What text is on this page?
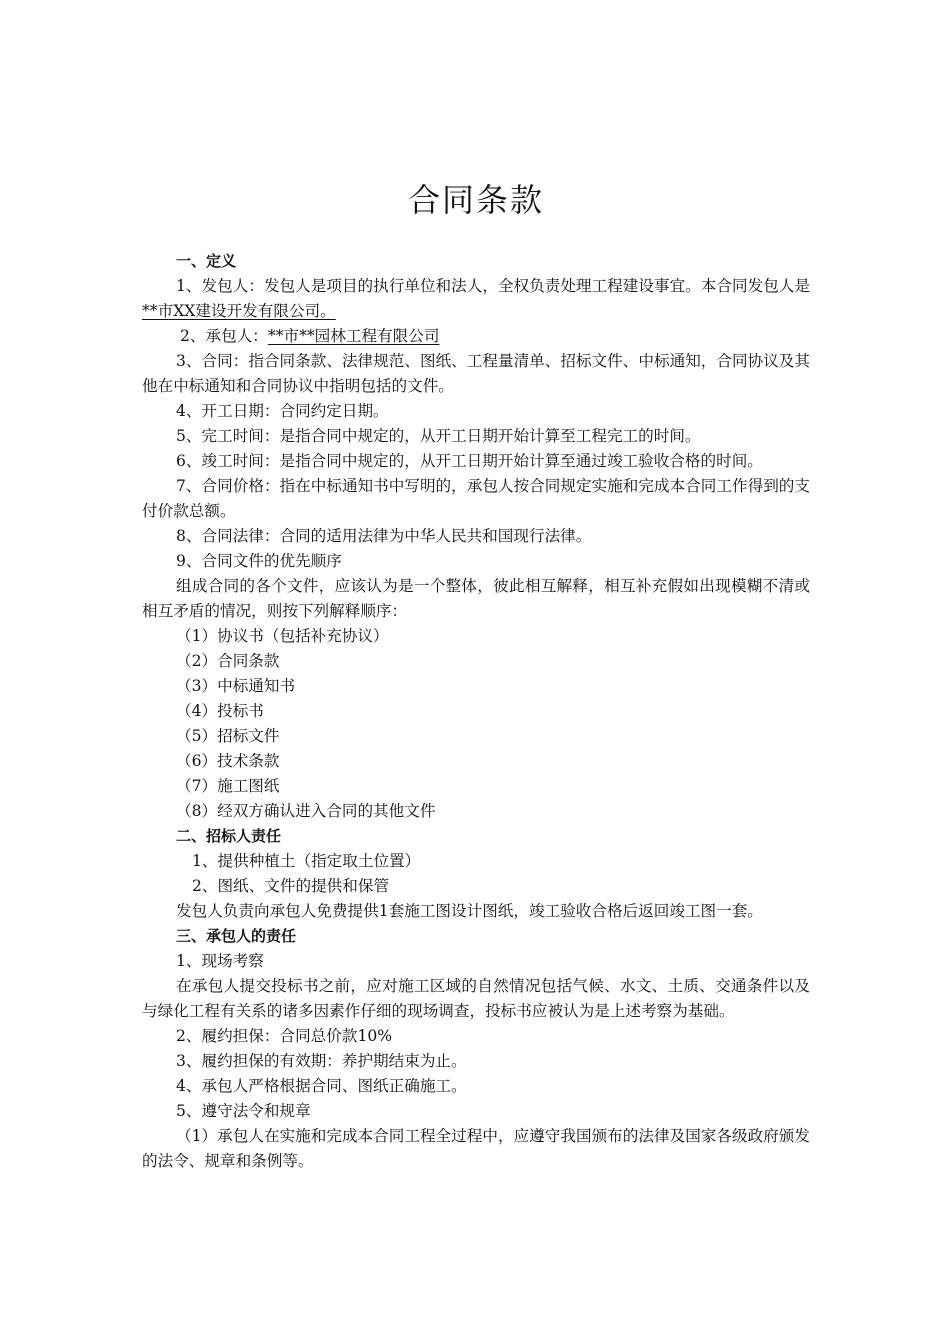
合同条款

一、定义

1、发包人：发包人是项目的执行单位和法人，全权负责处理工程建设事宜。本合同发包人是**市XX建设开发有限公司。

2、承包人：**市**园林工程有限公司

3、合同：指合同条款、法律规范、图纸、工程量清单、招标文件、中标通知，合同协议及其他在中标通知和合同协议中指明包括的文件。

4、开工日期：合同约定日期。

5、完工时间：是指合同中规定的，从开工日期开始计算至工程完工的时间。

6、竣工时间：是指合同中规定的，从开工日期开始计算至通过竣工验收合格的时间。

7、合同价格：指在中标通知书中写明的，承包人按合同规定实施和完成本合同工作得到的支付价款总额。

8、合同法律：合同的适用法律为中华人民共和国现行法律。

9、合同文件的优先顺序

组成合同的各个文件，应该认为是一个整体，彼此相互解释，相互补充假如出现模糊不清或相互矛盾的情况，则按下列解释顺序：

（1）协议书（包括补充协议）

（2）合同条款

（3）中标通知书

（4）投标书

（5）招标文件

（6）技术条款

（7）施工图纸

（8）经双方确认进入合同的其他文件

二、招标人责任

1、提供种植土（指定取土位置）

2、图纸、文件的提供和保管

发包人负责向承包人免费提供1套施工图设计图纸，竣工验收合格后返回竣工图一套。

三、承包人的责任

1、现场考察

在承包人提交投标书之前，应对施工区域的自然情况包括气候、水文、土质、交通条件以及与绿化工程有关系的诸多因素作仔细的现场调查，投标书应被认为是上述考察为基础。

2、履约担保：合同总价款10%

3、履约担保的有效期：养护期结束为止。

4、承包人严格根据合同、图纸正确施工。

5、遵守法令和规章

（1）承包人在实施和完成本合同工程全过程中，应遵守我国颁布的法律及国家各级政府颁发的法令、规章和条例等。
